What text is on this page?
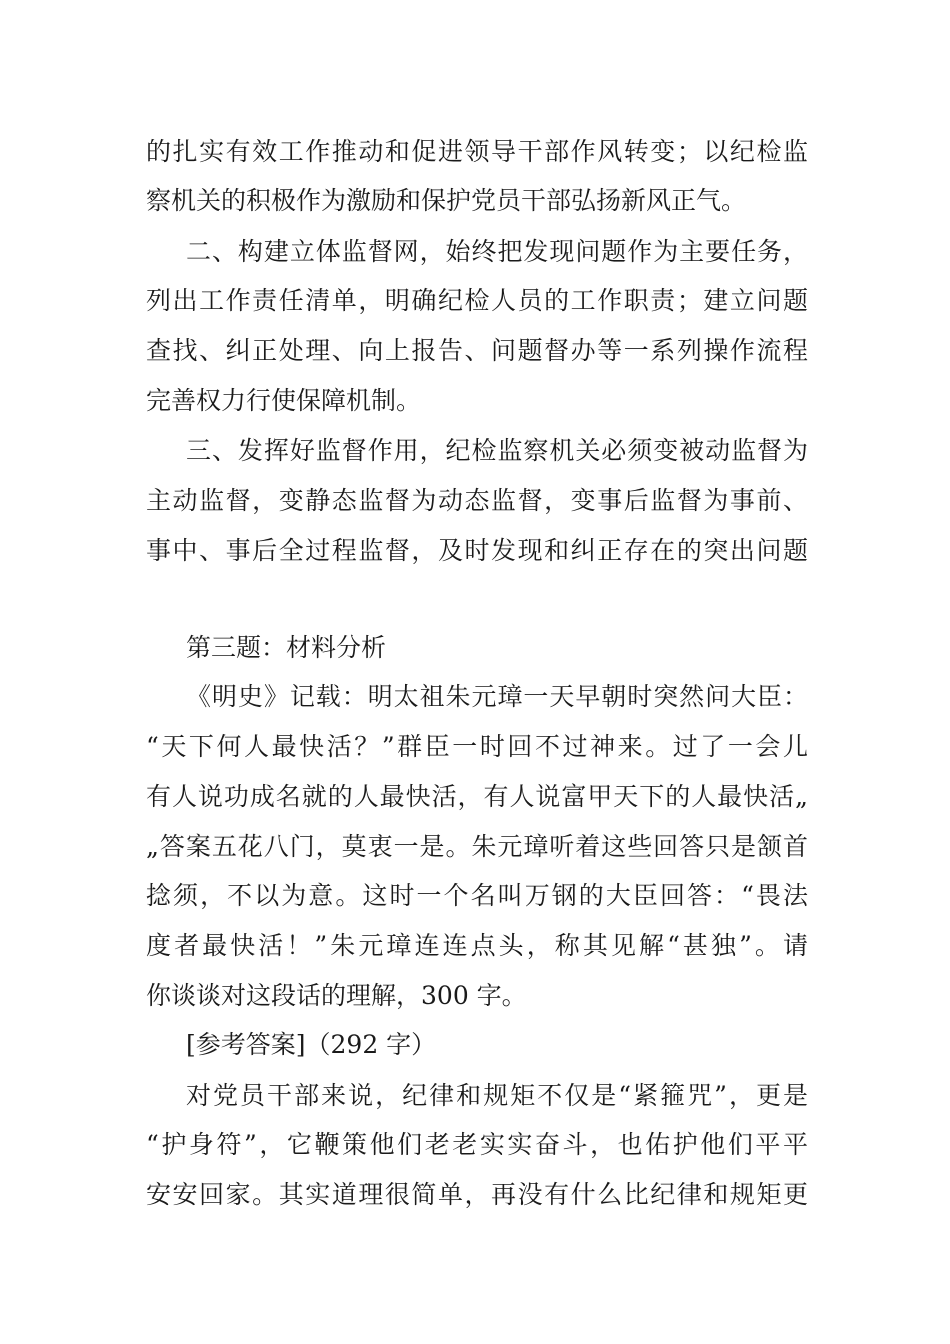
的扎实有效工作推动和促进领导干部作风转变；以纪检监
察机关的积极作为激励和保护党员干部弘扬新风正气。
二、构建立体监督网，始终把发现问题作为主要任务，
列出工作责任清单，明确纪检人员的工作职责；建立问题
查找、纠正处理、向上报告、问题督办等一系列操作流程
完善权力行使保障机制。
三、发挥好监督作用，纪检监察机关必须变被动监督为
主动监督，变静态监督为动态监督，变事后监督为事前、
事中、事后全过程监督，及时发现和纠正存在的突出问题
第三题：材料分析
《明史》记载：明太祖朱元璋一天早朝时突然问大臣：
“天下何人最快活？”群臣一时回不过神来。过了一会儿
有人说功成名就的人最快活，有人说富甲天下的人最快活„
„答案五花八门，莫衷一是。朱元璋听着这些回答只是颔首
捻须，不以为意。这时一个名叫万钢的大臣回答：“畏法
度者最快活！”朱元璋连连点头，称其见解“甚独”。请
你谈谈对这段话的理解，300 字。
[参考答案]（292 字）
对党员干部来说，纪律和规矩不仅是“紧箍咒”，更是
“护身符”，它鞭策他们老老实实奋斗，也佑护他们平平
安安回家。其实道理很简单，再没有什么比纪律和规矩更
